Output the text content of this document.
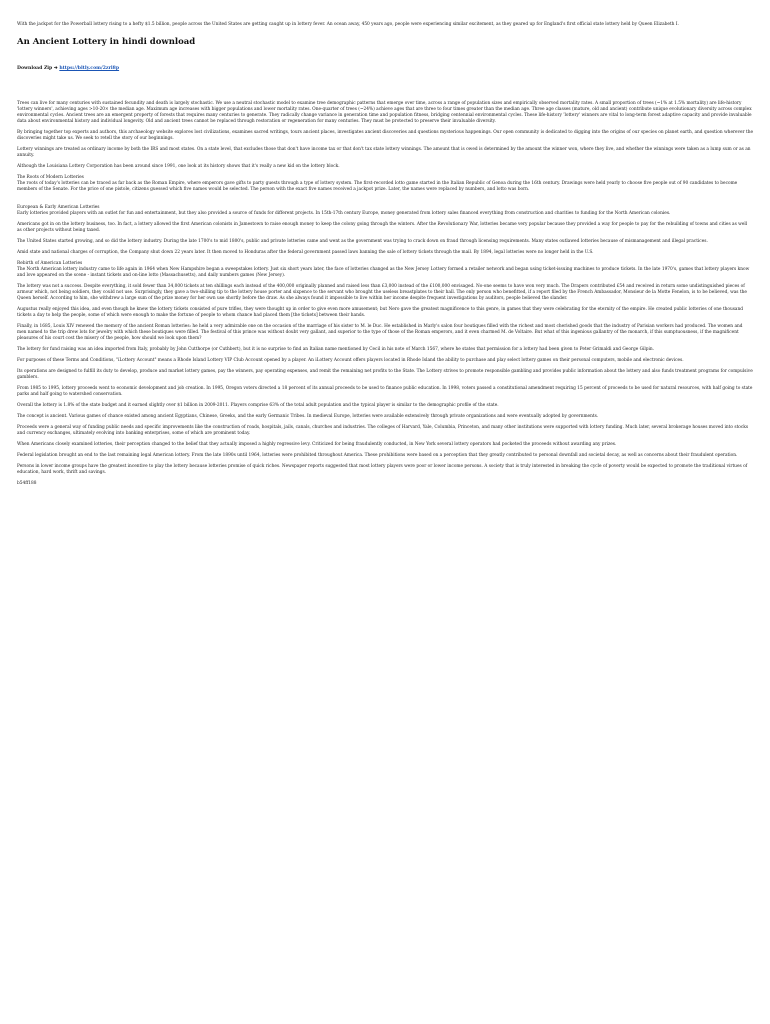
With the jackpot for the Powerball lottery rising to a hefty $1.5 billion, people across the United States are getting caught up in lottery fever. An ocean away, 450 years ago, people were experiencing similar excitement, as they geared up for England's first official state lottery held by Queen Elizabeth I.

An Ancient Lottery in hindi download

Download Zip ➔ https://bltly.com/2zrl8p

Trees can live for many centuries with sustained fecundity and death is largely stochastic. We use a neutral stochastic model to examine tree demographic patterns that emerge over time, across a range of population sizes and empirically observed mortality rates. A small proportion of trees (~1% at 1.5% mortality) are life-history 'lottery winners', achieving ages >10-20× the median age. Maximum age increases with bigger populations and lower mortality rates. One-quarter of trees (~24%) achieve ages that are three to four times greater than the median age. Three age classes (mature, old and ancient) contribute unique evolutionary diversity across complex environmental cycles. Ancient trees are an emergent property of forests that requires many centuries to generate. They radically change variance in generation time and population fitness, bridging centennial environmental cycles. These life-history 'lottery' winners are vital to long-term forest adaptive capacity and provide invaluable data about environmental history and individual longevity. Old and ancient trees cannot be replaced through restoration or regeneration for many centuries. They must be protected to preserve their invaluable diversity.

By bringing together top experts and authors, this archaeology website explores lost civilizations, examines sacred writings, tours ancient places, investigates ancient discoveries and questions mysterious happenings. Our open community is dedicated to digging into the origins of our species on planet earth, and question wherever the discoveries might take us. We seek to retell the story of our beginnings.

Lottery winnings are treated as ordinary income by both the IRS and most states. On a state level, that excludes those that don't have income tax or that don't tax state lottery winnings. The amount that is owed is determined by the amount the winner won, where they live, and whether the winnings were taken as a lump sum or as an annuity.

Although the Louisiana Lottery Corporation has been around since 1991, one look at its history shows that it's really a new kid on the lottery block.

The Roots of Modern Lotteries
The roots of today's lotteries can be traced as far back as the Roman Empire, where emperors gave gifts to party guests through a type of lottery system. The first-recorded lotto game started in the Italian Republic of Genoa during the 16th century. Drawings were held yearly to choose five people out of 90 candidates to become members of the Senate. For the price of one pistole, citizens guessed which five names would be selected. The person with the exact five names received a jackpot prize. Later, the names were replaced by numbers, and lotto was born.

European & Early American Lotteries
Early lotteries provided players with an outlet for fun and entertainment, but they also provided a source of funds for different projects. In 15th-17th century Europe, money generated from lottery sales financed everything from construction and charities to funding for the North American colonies.

Americans got in on the lottery business, too. In fact, a lottery allowed the first American colonists in Jamestown to raise enough money to keep the colony going through the winters. After the Revolutionary War, lotteries became very popular because they provided a way for people to pay for the rebuilding of towns and cities as well as other projects without being taxed.

The United States started growing, and so did the lottery industry. During the late 1700's to mid 1800's, public and private lotteries came and went as the government was trying to crack down on fraud through licensing requirements. Many states outlawed lotteries because of mismanagement and illegal practices.

Amid state and national charges of corruption, the Company shut down 22 years later. It then moved to Honduras after the federal government passed laws banning the sale of lottery tickets through the mail. By 1894, legal lotteries were no longer held in the U.S.

Rebirth of American Lotteries
The North American lottery industry came to life again in 1964 when New Hampshire began a sweepstakes lottery. Just six short years later, the face of lotteries changed as the New Jersey Lottery formed a retailer network and began using ticket-issuing machines to produce tickets. In the late 1970's, games that lottery players know and love appeared on the scene - instant tickets and on-line lotto (Massachusetts), and daily numbers games (New Jersey).

The lottery was not a success. Despite everything, it sold fewer than 34,000 tickets at ten shillings each instead of the 400,000 originally planned and raised less than £3,000 instead of the £100,000 envisaged. No-one seems to have won very much. The Drapers contributed £54 and received in return some undistinguished pieces of armour which, not being soldiers, they could not use. Surprisingly, they gave a two-shilling tip to the lottery house porter and sixpence to the servant who brought the useless breastplates to their hall. The only person who benefitted, if a report filed by the French Ambassador, Monsieur de la Motte Fenelon, is to be believed, was the Queen herself. According to him, she withdrew a large sum of the prize money for her own use shortly before the draw. As she always found it impossible to live within her income despite frequent investigations by auditors, people believed the slander.

Augustus really enjoyed this idea, and even though he knew the lottery tickets consisted of pure trifles, they were thought up in order to give even more amusement; but Nero gave the greatest magnificence to this genre, in games that they were celebrating for the eternity of the empire. He created public lotteries of one thousand tickets a day to help the people, some of which were enough to make the fortune of people to whom chance had placed them [the tickets] between their hands.

Finally, in 1685, Louis XIV renewed the memory of the ancient Roman lotteries: he held a very admirable one on the occasion of the marriage of his sister to M. le Duc. He established in Marly's salon four boutiques filled with the richest and most cherished goods that the industry of Parisian workers had produced. The women and men named to the trip drew lots for jewelry with which these boutiques were filled. The festival of this prince was without doubt very gallant, and superior to the type of those of the Roman emperors, and it even charmed M. de Voltaire. But what of this ingenious gallantry of the monarch, if this sumptuousness, if the magnificent pleasures of his court cost the misery of the people, how should we look upon them?

The lottery for fund raising was an idea imported from Italy, probably by John Cutthorpe (or Cuthbert), but it is no surprise to find an Italian name mentioned by Cecil in his note of March 1567, where he states that permission for a lottery had been given to Peter Grimaldi and George Gilpin.

For purposes of these Terms and Conditions, "iLottery Account" means a Rhode Island Lottery VIP Club Account opened by a player. An iLottery Account offers players located in Rhode Island the ability to purchase and play select lottery games on their personal computers, mobile and electronic devices.

Its operations are designed to fulfill its duty to develop, produce and market lottery games, pay the winners, pay operating expenses, and remit the remaining net profits to the State. The Lottery strives to promote responsible gambling and provides public information about the lottery and also funds treatment programs for compulsive gamblers.

From 1985 to 1995, lottery proceeds went to economic development and job creation. In 1995, Oregon voters directed a 18 percent of its annual proceeds to be used to finance public education. In 1998, voters passed a constitutional amendment requiring 15 percent of proceeds to be used for natural resources, with half going to state parks and half going to watershed conservation.

Overall the lottery is 1.8% of the state budget and it earned slightly over $1 billion in 2009-2011. Players comprise 63% of the total adult population and the typical player is similar to the demographic profile of the state.

The concept is ancient. Various games of chance existed among ancient Egyptians, Chinese, Greeks, and the early Germanic Tribes. In medieval Europe, lotteries were available extensively through private organizations and were eventually adopted by governments.

Proceeds were a general way of funding public needs and specific improvements like the construction of roads, hospitals, jails, canals, churches and industries. The colleges of Harvard, Yale, Columbia, Princeton, and many other institutions were supported with lottery funding. Much later, several brokerage houses moved into stocks and currency exchanges, ultimately evolving into banking enterprises, some of which are prominent today.

When Americans closely examined lotteries, their perception changed to the belief that they actually imposed a highly regressive levy. Criticized for being fraudulently conducted, in New York several lottery operators had pocketed the proceeds without awarding any prizes.

Federal legislation brought an end to the last remaining legal American lottery. From the late 1890s until 1964, lotteries were prohibited throughout America. These prohibitions were based on a perception that they greatly contributed to personal downfall and societal decay, as well as concerns about their fraudulent operation.

Persons in lower income groups have the greatest incentive to play the lottery because lotteries promise of quick riches. Newspaper reports suggested that most lottery players were poor or lower income persons. A society that is truly interested in breaking the cycle of poverty would be expected to promote the traditional virtues of education, hard work, thrift and savings.

b54ff188
